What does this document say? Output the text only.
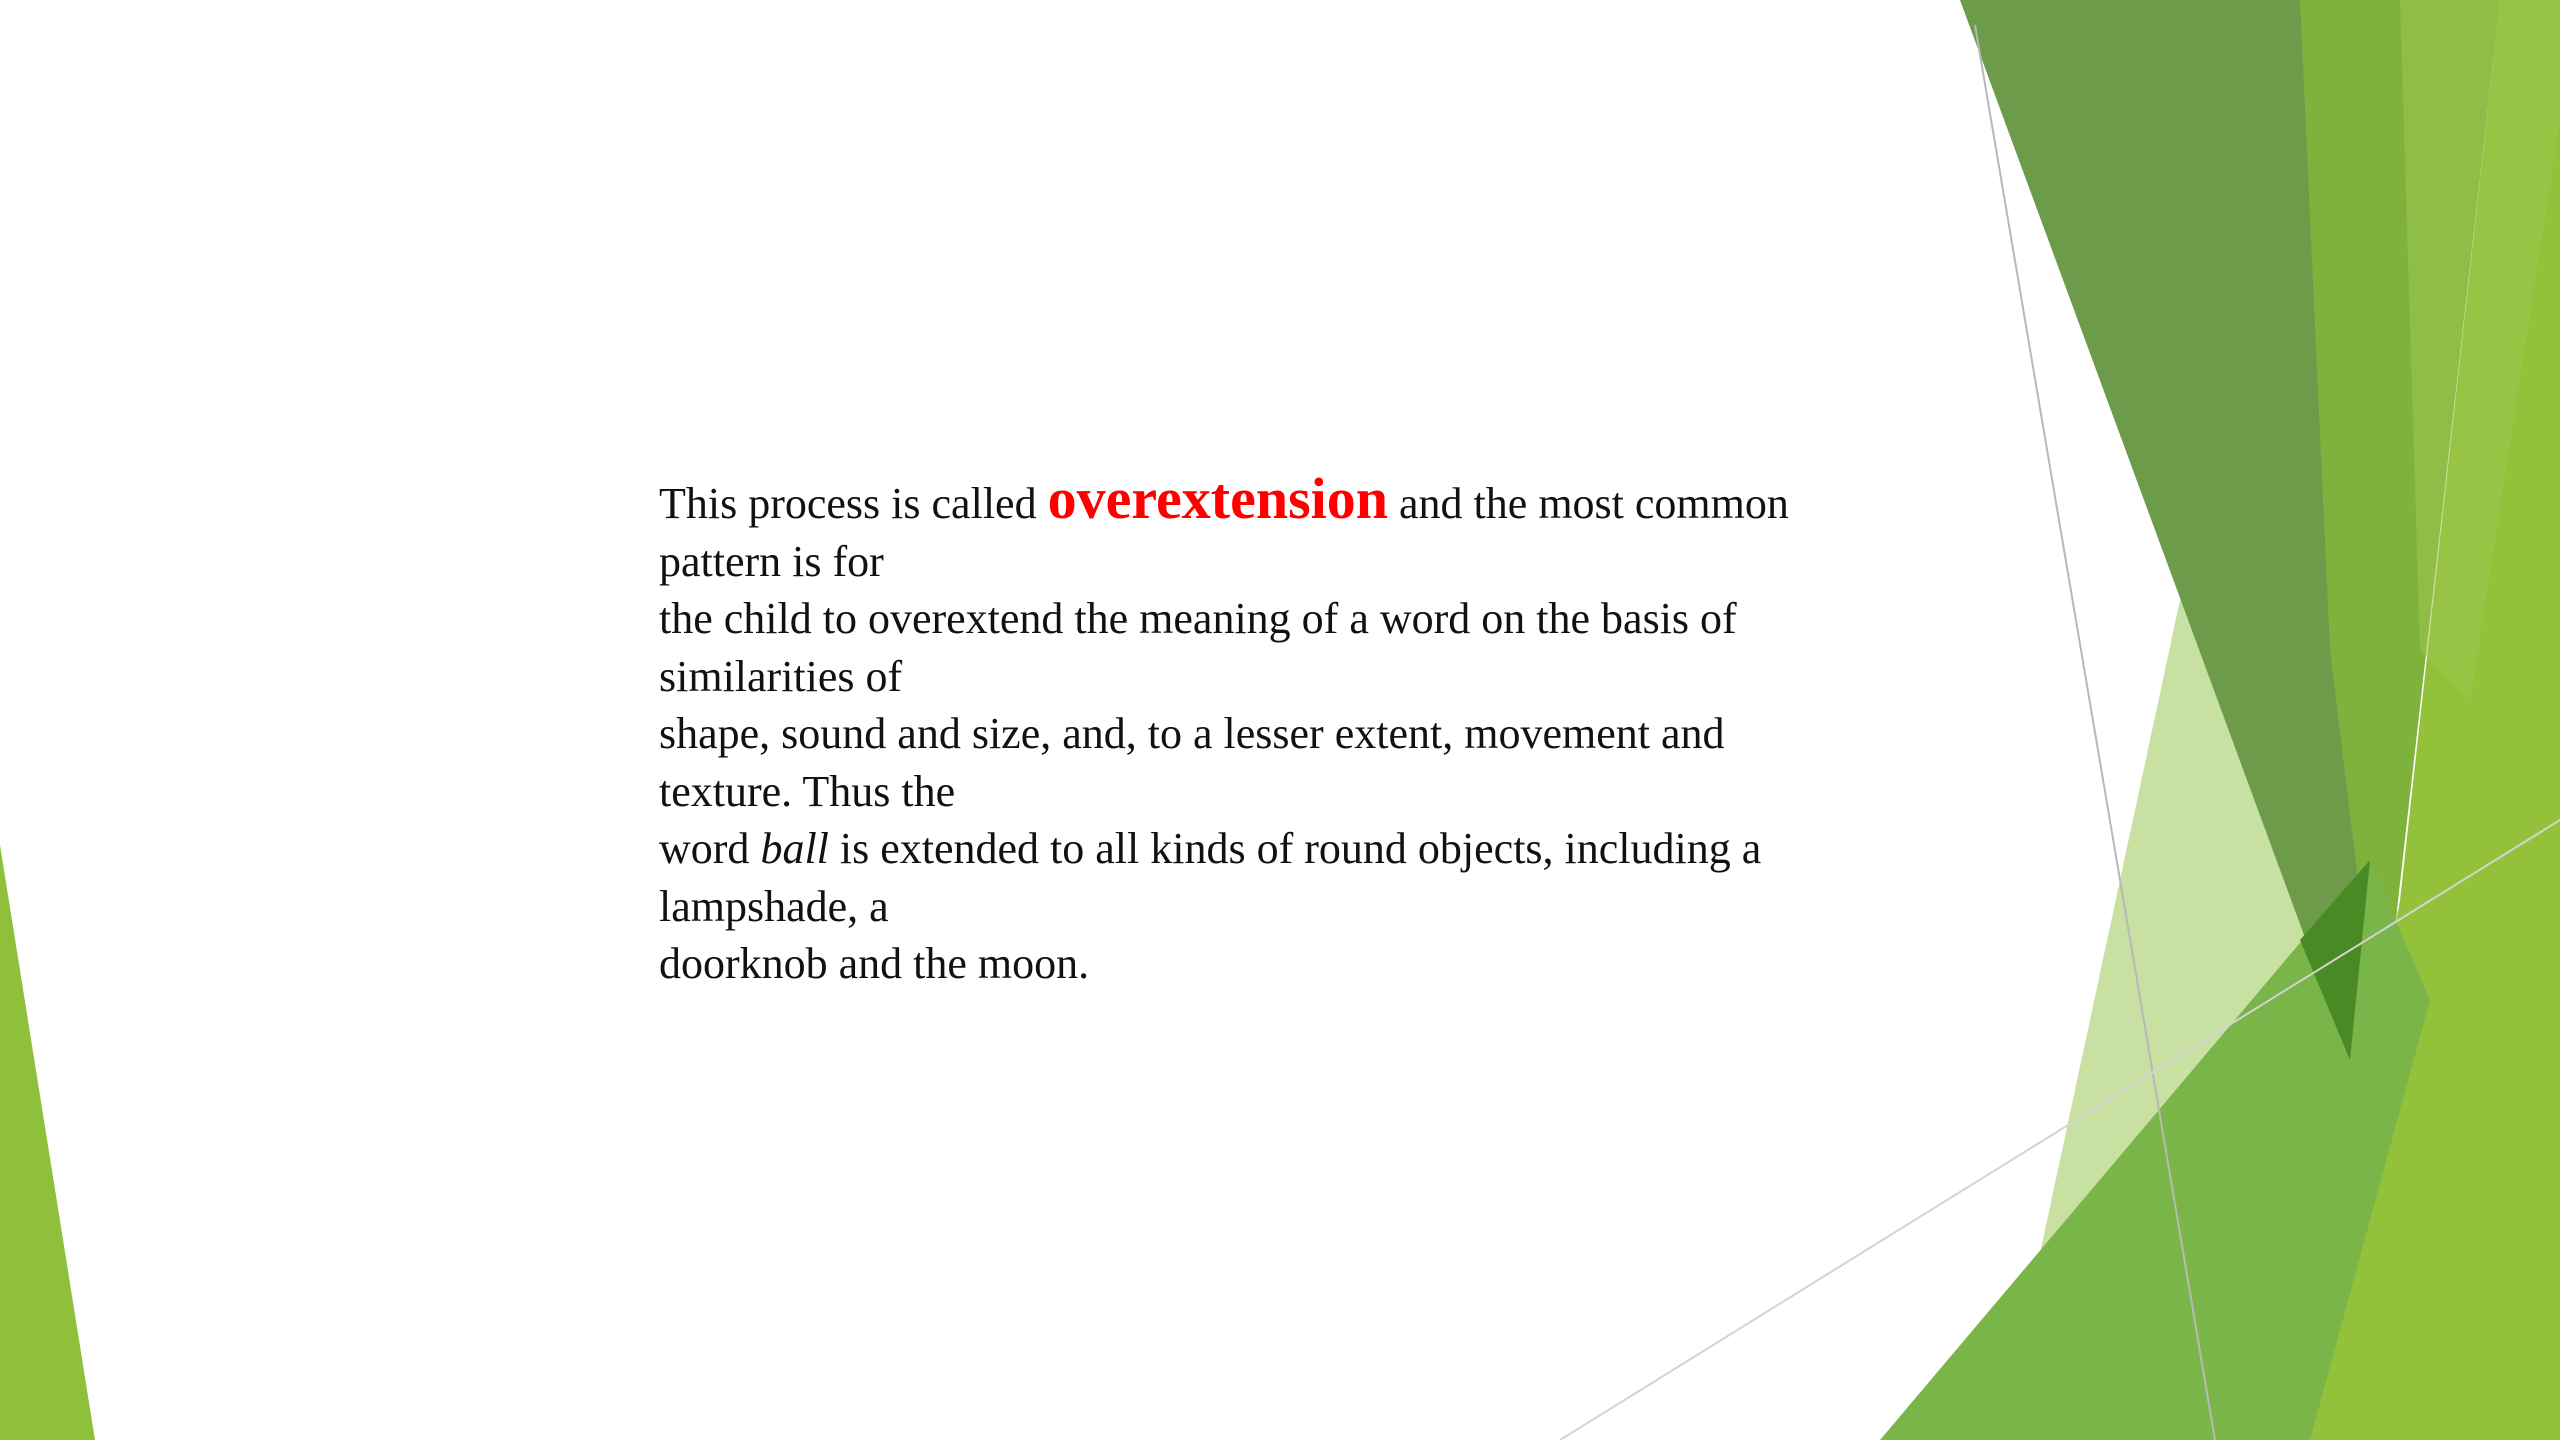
This process is called overextension and the most common
pattern is for
the child to overextend the meaning of a word on the basis of
similarities of
shape, sound and size, and, to a lesser extent, movement and
texture. Thus the
word ball is extended to all kinds of round objects, including a
lampshade, a
doorknob and the moon.
